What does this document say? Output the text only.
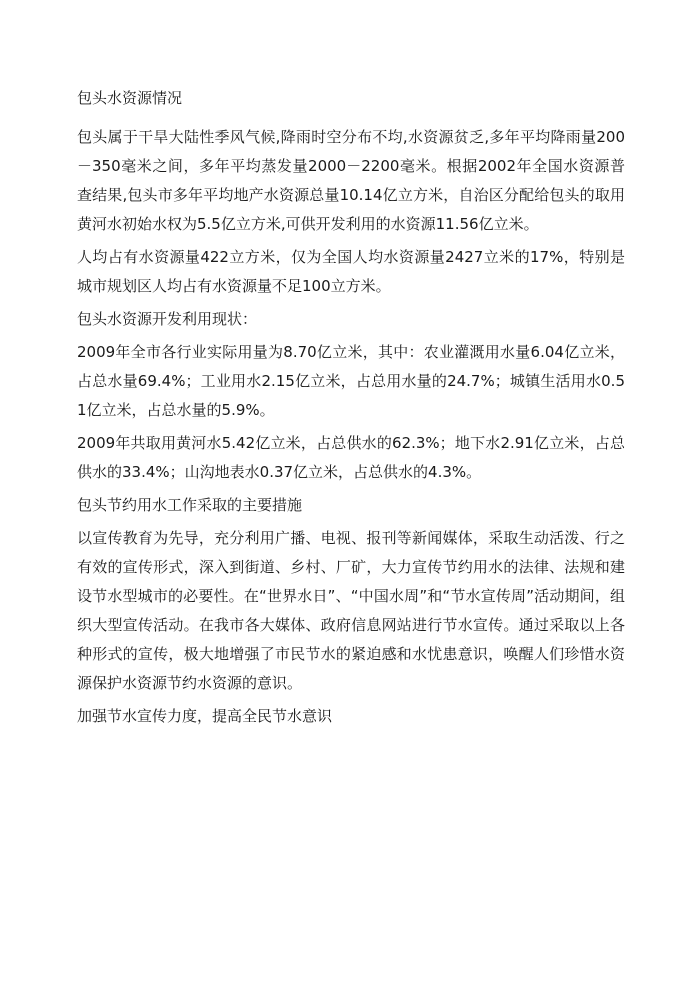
包头水资源情况

包头属于干旱大陆性季风气候,降雨时空分布不均,水资源贫乏,多年平均降雨量200－350毫米之间，多年平均蒸发量2000－2200毫米。根据2002年全国水资源普查结果,包头市多年平均地产水资源总量10.14亿立方米，自治区分配给包头的取用黄河水初始水权为5.5亿立方米,可供开发利用的水资源11.56亿立米。

人均占有水资源量422立方米，仅为全国人均水资源量2427立米的17%，特别是城市规划区人均占有水资源量不足100立方米。

包头水资源开发利用现状：

2009年全市各行业实际用量为8.70亿立米，其中：农业灌溉用水量6.04亿立米，占总水量69.4%；工业用水2.15亿立米，占总用水量的24.7%；城镇生活用水0.51亿立米，占总水量的5.9%。

2009年共取用黄河水5.42亿立米，占总供水的62.3%；地下水2.91亿立米，占总供水的33.4%；山沟地表水0.37亿立米，占总供水的4.3%。

包头节约用水工作采取的主要措施

以宣传教育为先导，充分利用广播、电视、报刊等新闻媒体，采取生动活泼、行之有效的宣传形式，深入到街道、乡村、厂矿，大力宣传节约用水的法律、法规和建设节水型城市的必要性。在“世界水日”、“中国水周”和“节水宣传周”活动期间，组织大型宣传活动。在我市各大媒体、政府信息网站进行节水宣传。通过采取以上各种形式的宣传，极大地增强了市民节水的紧迫感和水忧患意识，唤醒人们珍惜水资源保护水资源节约水资源的意识。

加强节水宣传力度，提高全民节水意识
